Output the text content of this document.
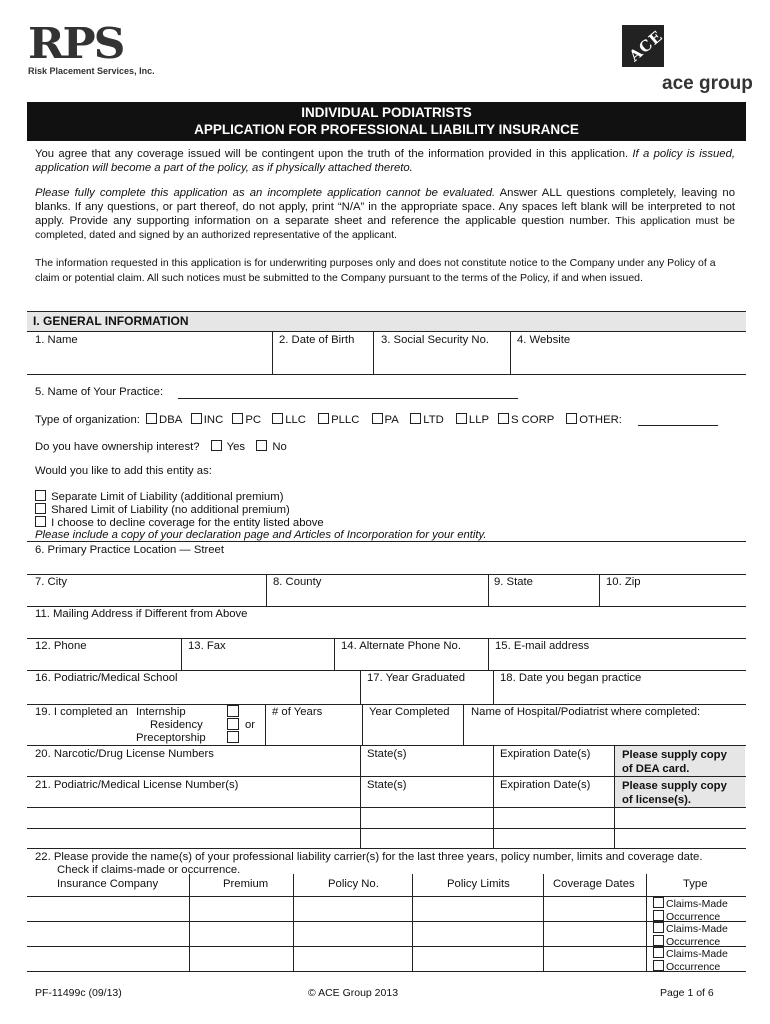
RPS
Risk Placement Services, Inc.
ACE
ace group
INDIVIDUAL PODIATRISTS
APPLICATION FOR PROFESSIONAL LIABILITY INSURANCE
You agree that any coverage issued will be contingent upon the truth of the information provided in this application. If a policy is issued, application will become a part of the policy, as if physically attached thereto.
Please fully complete this application as an incomplete application cannot be evaluated. Answer ALL questions completely, leaving no blanks. If any questions, or part thereof, do not apply, print “N/A” in the appropriate space. Any spaces left blank will be interpreted to not apply. Provide any supporting information on a separate sheet and reference the applicable question number. This application must be completed, dated and signed by an authorized representative of the applicant.
The information requested in this application is for underwriting purposes only and does not constitute notice to the Company under any Policy of a claim or potential claim. All such notices must be submitted to the Company pursuant to the terms of the Policy, if and when issued.
I. GENERAL INFORMATION
1. Name	2. Date of Birth 3. Social Security No. 4. Website
5. Name of Your Practice:
Type of organization: DBA INC PC LLC PLLC PA LTD LLP S CORP OTHER:
Do you have ownership interest? Yes No
Would you like to add this entity as:
Separate Limit of Liability (additional premium)
Shared Limit of Liability (no additional premium)
I choose to decline coverage for the entity listed above
Please include a copy of your declaration page and Articles of Incorporation for your entity.
6. Primary Practice Location — Street
7. City	8. County	9. State	10. Zip
11. Mailing Address if Different from Above
12. Phone	13. Fax	14. Alternate Phone No.	15. E-mail address
16. Podiatric/Medical School	17. Year Graduated	18. Date you began practice
19. I completed an Internship
Residency
Preceptorship
or
# of Years	Year Completed Name of Hospital/Podiatrist where completed:
20. Narcotic/Drug License Numbers	State(s)	Expiration Date(s)	Please supply copy
of DEA card.
21. Podiatric/Medical License Number(s)	State(s)	Expiration Date(s)	Please supply copy
of license(s).
22. Please provide the name(s) of your professional liability carrier(s) for the last three years, policy number, limits and coverage date.
Check if claims-made or occurrence.
Insurance Company	Premium	Policy No.	Policy Limits	Coverage Dates	Type
Claims-Made
Occurrence
Claims-Made
Occurrence
Claims-Made
Occurrence
PF-11499c (09/13)	© ACE Group 2013	Page 1 of 6
